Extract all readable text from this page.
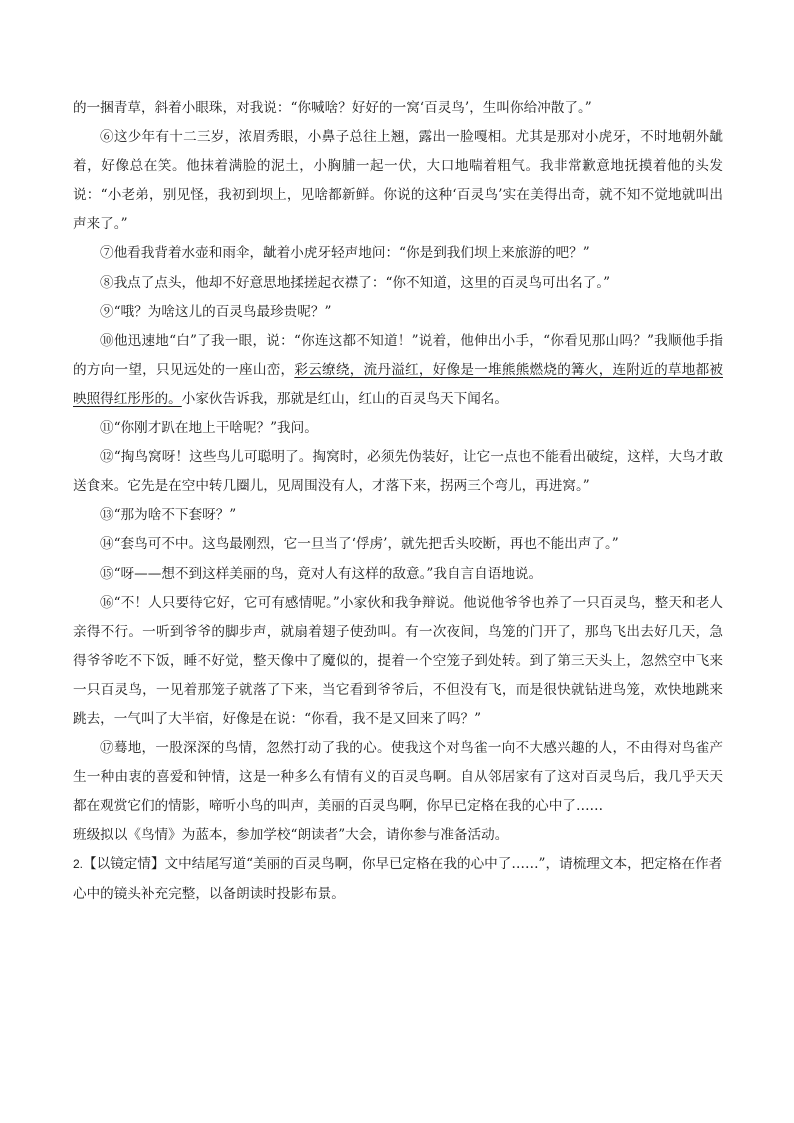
的一捆青草，斜着小眼珠，对我说：“你喊啥？好好的一窝‘百灵鸟’，生叫你给冲散了。”

⑥这少年有十二三岁，浓眉秀眼，小鼻子总往上翘，露出一脸嘎相。尤其是那对小虎牙，不时地朝外龇着，好像总在笑。他抹着满脸的泥土，小胸脯一起一伏，大口地喘着粗气。我非常歉意地抚摸着他的头发说：“小老弟，别见怪，我初到坝上，见啥都新鲜。你说的这种‘百灵鸟’实在美得出奇，就不知不觉地就叫出声来了。”

⑦他看我背着水壶和雨伞，龇着小虎牙轻声地问：“你是到我们坝上来旅游的吧？”

⑧我点了点头，他却不好意思地揉搓起衣襟了：“你不知道，这里的百灵鸟可出名了。”

⑨“哦？为啥这儿的百灵鸟最珍贵呢？”

⑩他迅速地“白”了我一眼，说：“你连这都不知道！”说着，他伸出小手，“你看见那山吗？”我顺他手指的方向一望，只见远处的一座山峦，彩云缭绕，流丹溢红，好像是一堆熊熊燃烧的篝火，连附近的草地都被映照得红彤彤的。小家伙告诉我，那就是红山，红山的百灵鸟天下闻名。

⑪“你刚才趴在地上干啥呢？”我问。

⑫“掏鸟窝呀！这些鸟儿可聪明了。掏窝时，必须先伪装好，让它一点也不能看出破绽，这样，大鸟才敢送食来。它先是在空中转几圈儿，见周围没有人，才落下来，拐两三个弯儿，再进窝。”

⑬“那为啥不下套呀？”

⑭“套鸟可不中。这鸟最刚烈，它一旦当了‘俘虏’，就先把舌头咬断，再也不能出声了。”

⑮“呀——想不到这样美丽的鸟，竟对人有这样的敌意。”我自言自语地说。

⑯“不！人只要待它好，它可有感情呢。”小家伙和我争辩说。他说他爷爷也养了一只百灵鸟，整天和老人亲得不行。一听到爷爷的脚步声，就扇着翅子使劲叫。有一次夜间，鸟笼的门开了，那鸟飞出去好几天，急得爷爷吃不下饭，睡不好觉，整天像中了魔似的，提着一个空笼子到处转。到了第三天头上，忽然空中飞来一只百灵鸟，一见着那笼子就落了下来，当它看到爷爷后，不但没有飞，而是很快就钻进鸟笼，欢快地跳来跳去，一气叫了大半宿，好像是在说：“你看，我不是又回来了吗？”

⑰蓦地，一股深深的鸟情，忽然打动了我的心。使我这个对鸟雀一向不大感兴趣的人，不由得对鸟雀产生一种由衷的喜爱和钟情，这是一种多么有情有义的百灵鸟啊。自从邻居家有了这对百灵鸟后，我几乎天天都在观赏它们的情影，啼听小鸟的叫声，美丽的百灵鸟啊，你早已定格在我的心中了……

班级拟以《鸟情》为蓝本，参加学校“朗读者”大会，请你参与准备活动。

2.【以镜定情】文中结尾写道“美丽的百灵鸟啊，你早已定格在我的心中了……”，请梳理文本，把定格在作者心中的镜头补充完整，以备朗读时投影布景。
